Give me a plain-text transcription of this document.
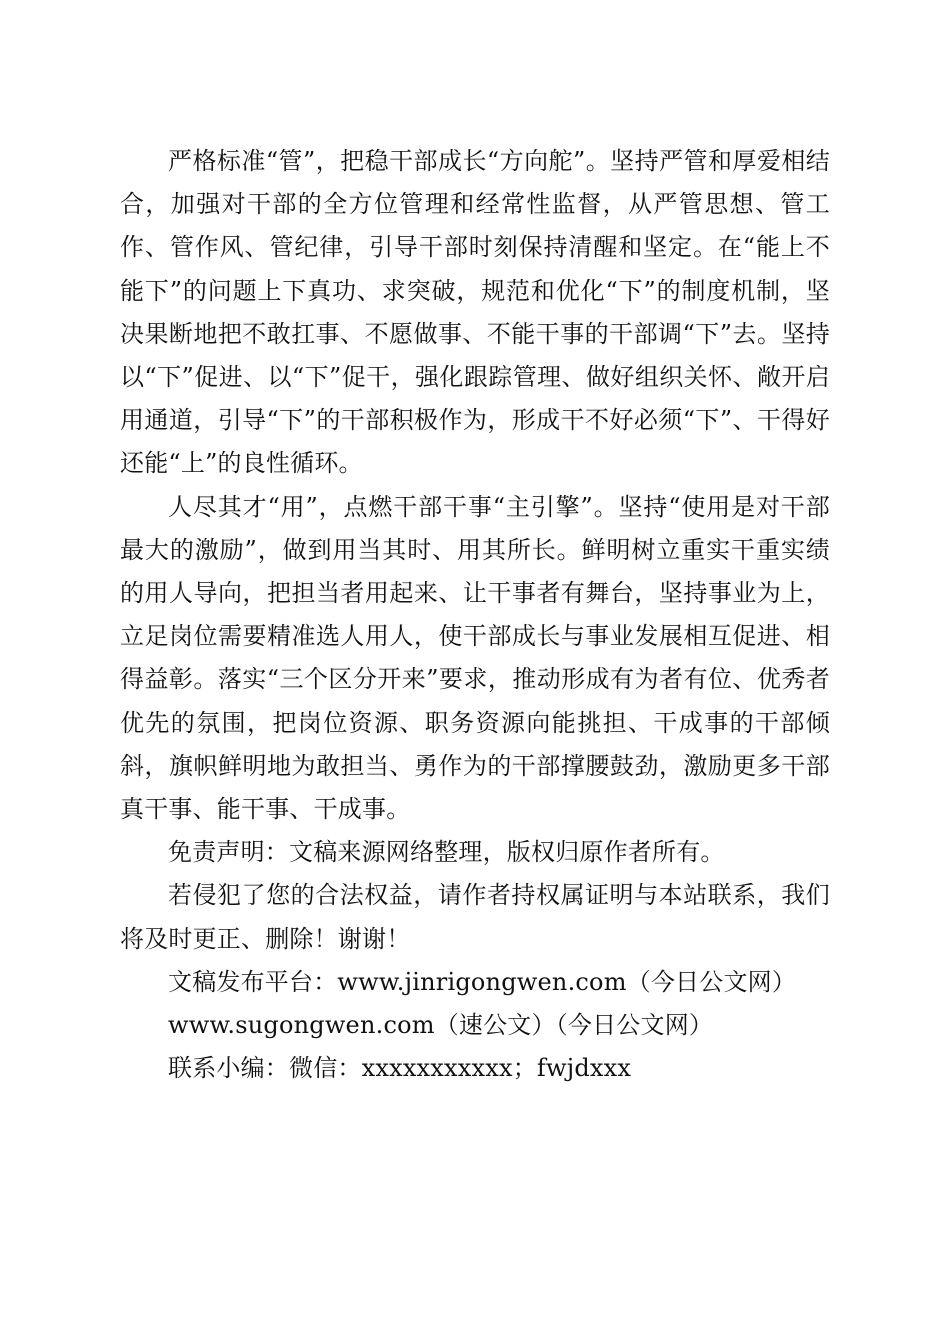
严格标准“管”，把稳干部成长“方向舵”。坚持严管和厚爱相结合，加强对干部的全方位管理和经常性监督，从严管思想、管工作、管作风、管纪律，引导干部时刻保持清醒和坚定。在“能上不能下”的问题上下真功、求突破，规范和优化“下”的制度机制，坚决果断地把不敢扛事、不愿做事、不能干事的干部调“下”去。坚持以“下”促进、以“下”促干，强化跟踪管理、做好组织关怀、敞开启用通道，引导“下”的干部积极作为，形成干不好必须“下”、干得好还能“上”的良性循环。

人尽其才“用”，点燃干部干事“主引擎”。坚持“使用是对干部最大的激励”，做到用当其时、用其所长。鲜明树立重实干重实绩的用人导向，把担当者用起来、让干事者有舞台，坚持事业为上，立足岗位需要精准选人用人，使干部成长与事业发展相互促进、相得益彰。落实“三个区分开来”要求，推动形成有为者有位、优秀者优先的氛围，把岗位资源、职务资源向能挑担、干成事的干部倾斜，旗帜鲜明地为敢担当、勇作为的干部撑腰鼓劲，激励更多干部真干事、能干事、干成事。

免责声明：文稿来源网络整理，版权归原作者所有。

若侵犯了您的合法权益，请作者持权属证明与本站联系，我们将及时更正、删除！谢谢！

文稿发布平台：www.jinrigongwen.com（今日公文网）

www.sugongwen.com（速公文）（今日公文网）

联系小编：微信：xxxxxxxxxxx；fwjdxxx
